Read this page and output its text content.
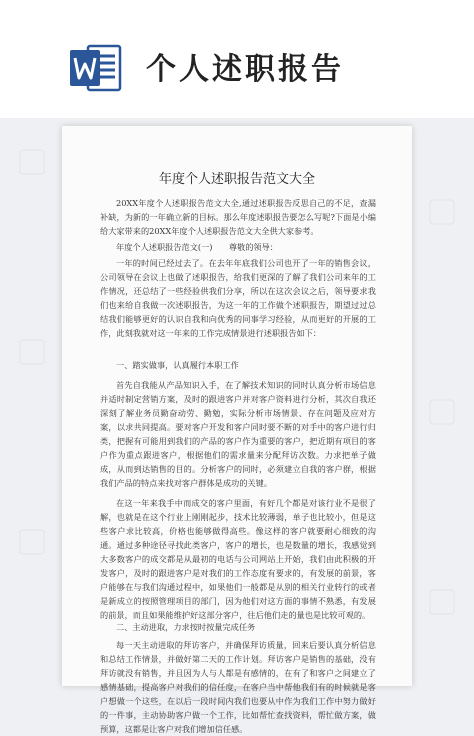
个人述职报告
年度个人述职报告范文大全

20XX年度个人述职报告范文大全,通过述职报告反思自己的不足，查漏补缺，为新的一年确立新的目标。那么年度述职报告要怎么写呢?下面是小编给大家带来的20XX年度个人述职报告范文大全供大家参考。

年度个人述职报告范文(一)　　尊敬的领导：

一年的时间已经过去了。在去年年底我们公司也开了一年的销售会议，公司领导在会议上也做了述职报告，给我们更深的了解了我们公司来年的工作情况，还总结了一些经验供我们分享，所以在这次会议之后，领导要求我们也来给自我做一次述职报告，为这一年的工作做个述职报告，期望过过总结我们能够更好的认识自我和向优秀的同事学习经验，从而更好的开展的工作，此刻我就对这一年来的工作完成情景进行述职报告如下：

一、踏实做事，认真履行本职工作

首先自我能从产品知识入手，在了解技术知识的同时认真分析市场信息并适时制定营销方案，及时的跟进客户并对客户资料进行分析，其次自我还深刻了解业务员勤奋动劳、勤勉，实际分析市场情景、存在问题及应对方案，以求共同提高。要对客户开发和客户同时要不断的对手中的客户进行归类，把握有可能用到我们的产品的客户作为重要的客户，把近期有项目的客户作为重点跟进客户，根据他们的需求量来分配拜访次数。力求把单子做成，从而到达销售的目的。分析客户的同时，必须建立自我的客户群，根据我们产品的特点来找对客户群体是成功的关键。

在这一年来我手中而成交的客户里面，有好几个都是对该行业不是很了解，也就是在这个行业上刚刚起步，技术比较薄弱，单子也比较小，但是这些客户求比较高，价格也能够做得高些。像这样的客户就要耐心细致的沟通。通过多种途径寻找此类客户，客户的增长，也是数量的增长，我感觉到大多数客户的成交都是从最初的电话与公司网站上开始，我们由此积极的开发客户，及时的跟进客户是对我们的工作态度有要求的，有发展的前景，客户能够在与我们沟通过程中，如果他们一般都是从别的相关行业转行的或者是新成立的按照管理项目的部门，因为他们对这方面的事情不熟悉，有发展的前景，而且如果能维护好这部分客户，往后他们走的量也是比较可观的。

二、主动进取，力求按时按量完成任务

每一天主动进取的拜访客户，并确保拜访质量，回来后要认真分析信息和总结工作情景，并做好第二天的工作计划。拜访客户是销售的基础，没有拜访就没有销售，并且因为人与人都是有感情的，在有了和客户之间建立了感情基础，提高客户对我们的信任度，在客户当中帮他我们有的时候就是客户想做一个这些，在以后一段时间内我们也要从中作为我们工作中努力做好的一件事，主动协助客户做一个工作，比如帮忙查找资料，帮忙做方案，做预算，这都是让客户对我们增加信任感。
